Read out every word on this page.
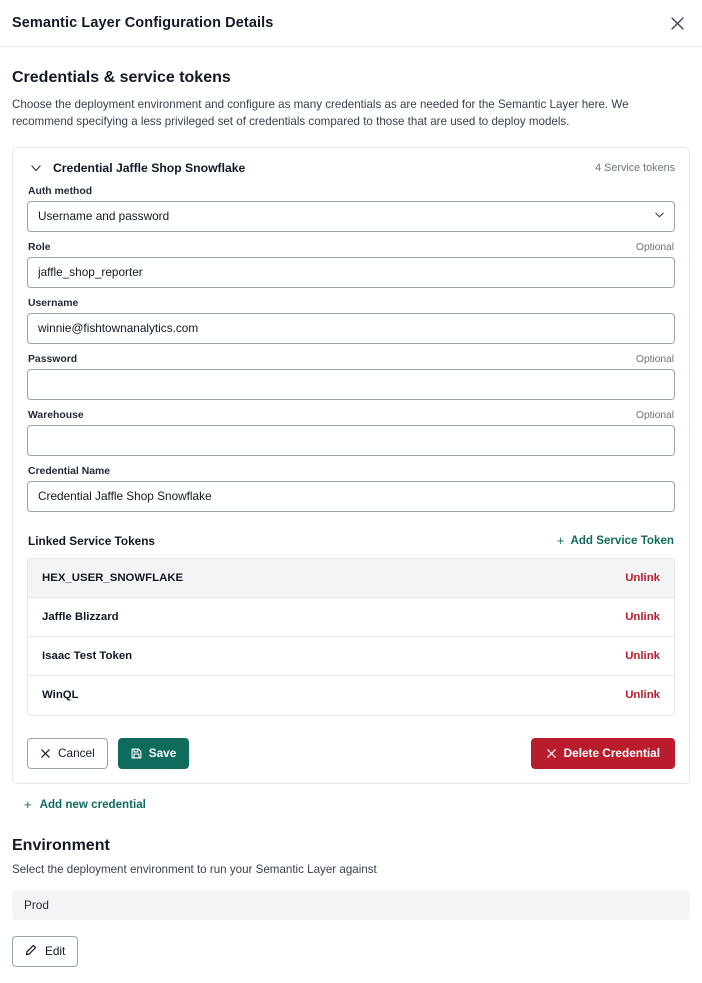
Semantic Layer Configuration Details
Credentials & service tokens

Choose the deployment environment and configure as many credentials as are needed for the Semantic Layer here. We recommend specifying a less privileged set of credentials compared to those that are used to deploy models.

Credential Jaffle Shop Snowflake	4 Service tokens
Auth method
Username and password
Role	Optional
jaffle_shop_reporter
Username
winnie@fishtownanalytics.com
Password	Optional
Warehouse	Optional
Credential Name
Credential Jaffle Shop Snowflake
Linked Service Tokens	+ Add Service Token
HEX_USER_SNOWFLAKE	Unlink
Jaffle Blizzard	Unlink
Isaac Test Token	Unlink
WinQL	Unlink
Cancel	Save	Delete Credential
+ Add new credential
Environment

Select the deployment environment to run your Semantic Layer against

Prod
Edit
